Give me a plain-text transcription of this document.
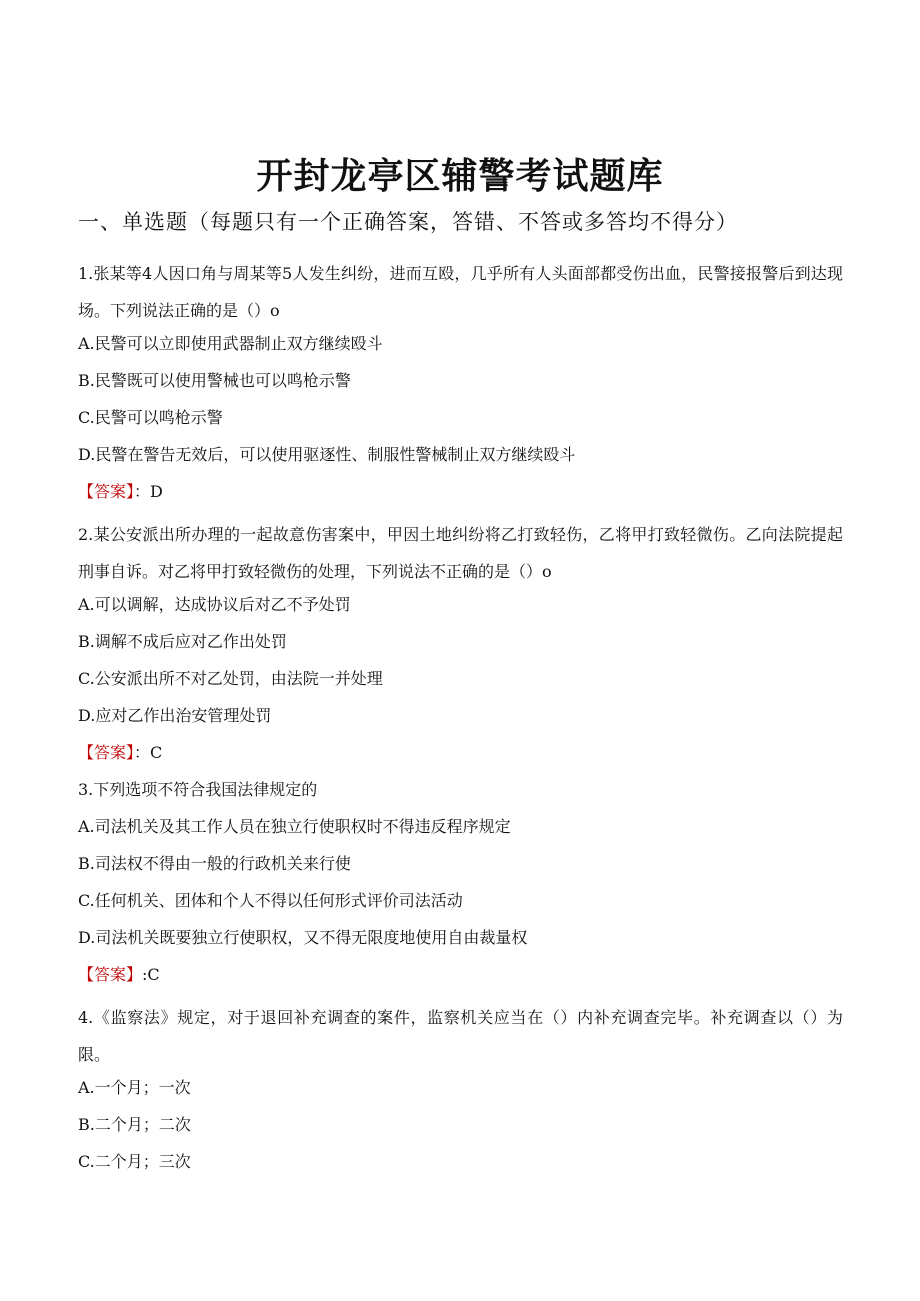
开封龙亭区辅警考试题库
一、单选题（每题只有一个正确答案，答错、不答或多答均不得分）
1.张某等4人因口角与周某等5人发生纠纷，进而互殴，几乎所有人头面部都受伤出血，民警接报警后到达现场。下列说法正确的是（）o
A.民警可以立即使用武器制止双方继续殴斗
B.民警既可以使用警械也可以鸣枪示警
C.民警可以鸣枪示警
D.民警在警告无效后，可以使用驱逐性、制服性警械制止双方继续殴斗
【答案】：D
2.某公安派出所办理的一起故意伤害案中，甲因土地纠纷将乙打致轻伤，乙将甲打致轻微伤。乙向法院提起刑事自诉。对乙将甲打致轻微伤的处理，下列说法不正确的是（）o
A.可以调解，达成协议后对乙不予处罚
B.调解不成后应对乙作出处罚
C.公安派出所不对乙处罚，由法院一并处理
D.应对乙作出治安管理处罚
【答案】：C
3.下列选项不符合我国法律规定的
A.司法机关及其工作人员在独立行使职权时不得违反程序规定
B.司法权不得由一般的行政机关来行使
C.任何机关、团体和个人不得以任何形式评价司法活动
D.司法机关既要独立行使职权，又不得无限度地使用自由裁量权
【答案】:C
4.《监察法》规定，对于退回补充调查的案件，监察机关应当在（）内补充调查完毕。补充调查以（）为限。
A.一个月；一次
B.二个月；二次
C.二个月；三次
